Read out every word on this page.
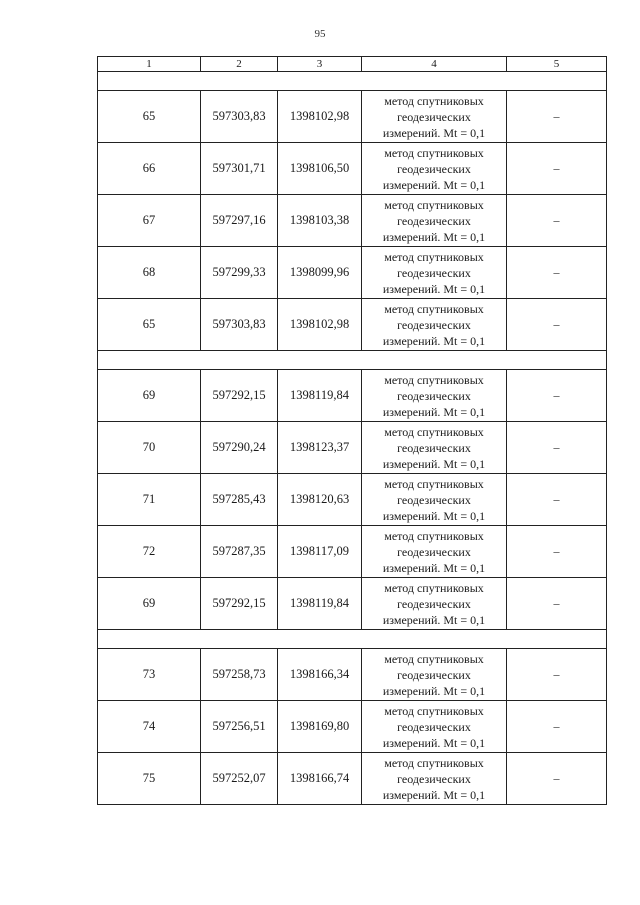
95
1	2	3	4	5

65	597303,83	1398102,98	метод спутниковых
геодезических
измерений. Mt = 0,1	–
66	597301,71	1398106,50	метод спутниковых
геодезических
измерений. Mt = 0,1	–
67	597297,16	1398103,38	метод спутниковых
геодезических
измерений. Mt = 0,1	–
68	597299,33	1398099,96	метод спутниковых
геодезических
измерений. Mt = 0,1	–
65	597303,83	1398102,98	метод спутниковых
геодезических
измерений. Mt = 0,1	–

69	597292,15	1398119,84	метод спутниковых
геодезических
измерений. Mt = 0,1	–
70	597290,24	1398123,37	метод спутниковых
геодезических
измерений. Mt = 0,1	–
71	597285,43	1398120,63	метод спутниковых
геодезических
измерений. Mt = 0,1	–
72	597287,35	1398117,09	метод спутниковых
геодезических
измерений. Mt = 0,1	–
69	597292,15	1398119,84	метод спутниковых
геодезических
измерений. Mt = 0,1	–

73	597258,73	1398166,34	метод спутниковых
геодезических
измерений. Mt = 0,1	–
74	597256,51	1398169,80	метод спутниковых
геодезических
измерений. Mt = 0,1	–
75	597252,07	1398166,74	метод спутниковых
геодезических
измерений. Mt = 0,1	–
